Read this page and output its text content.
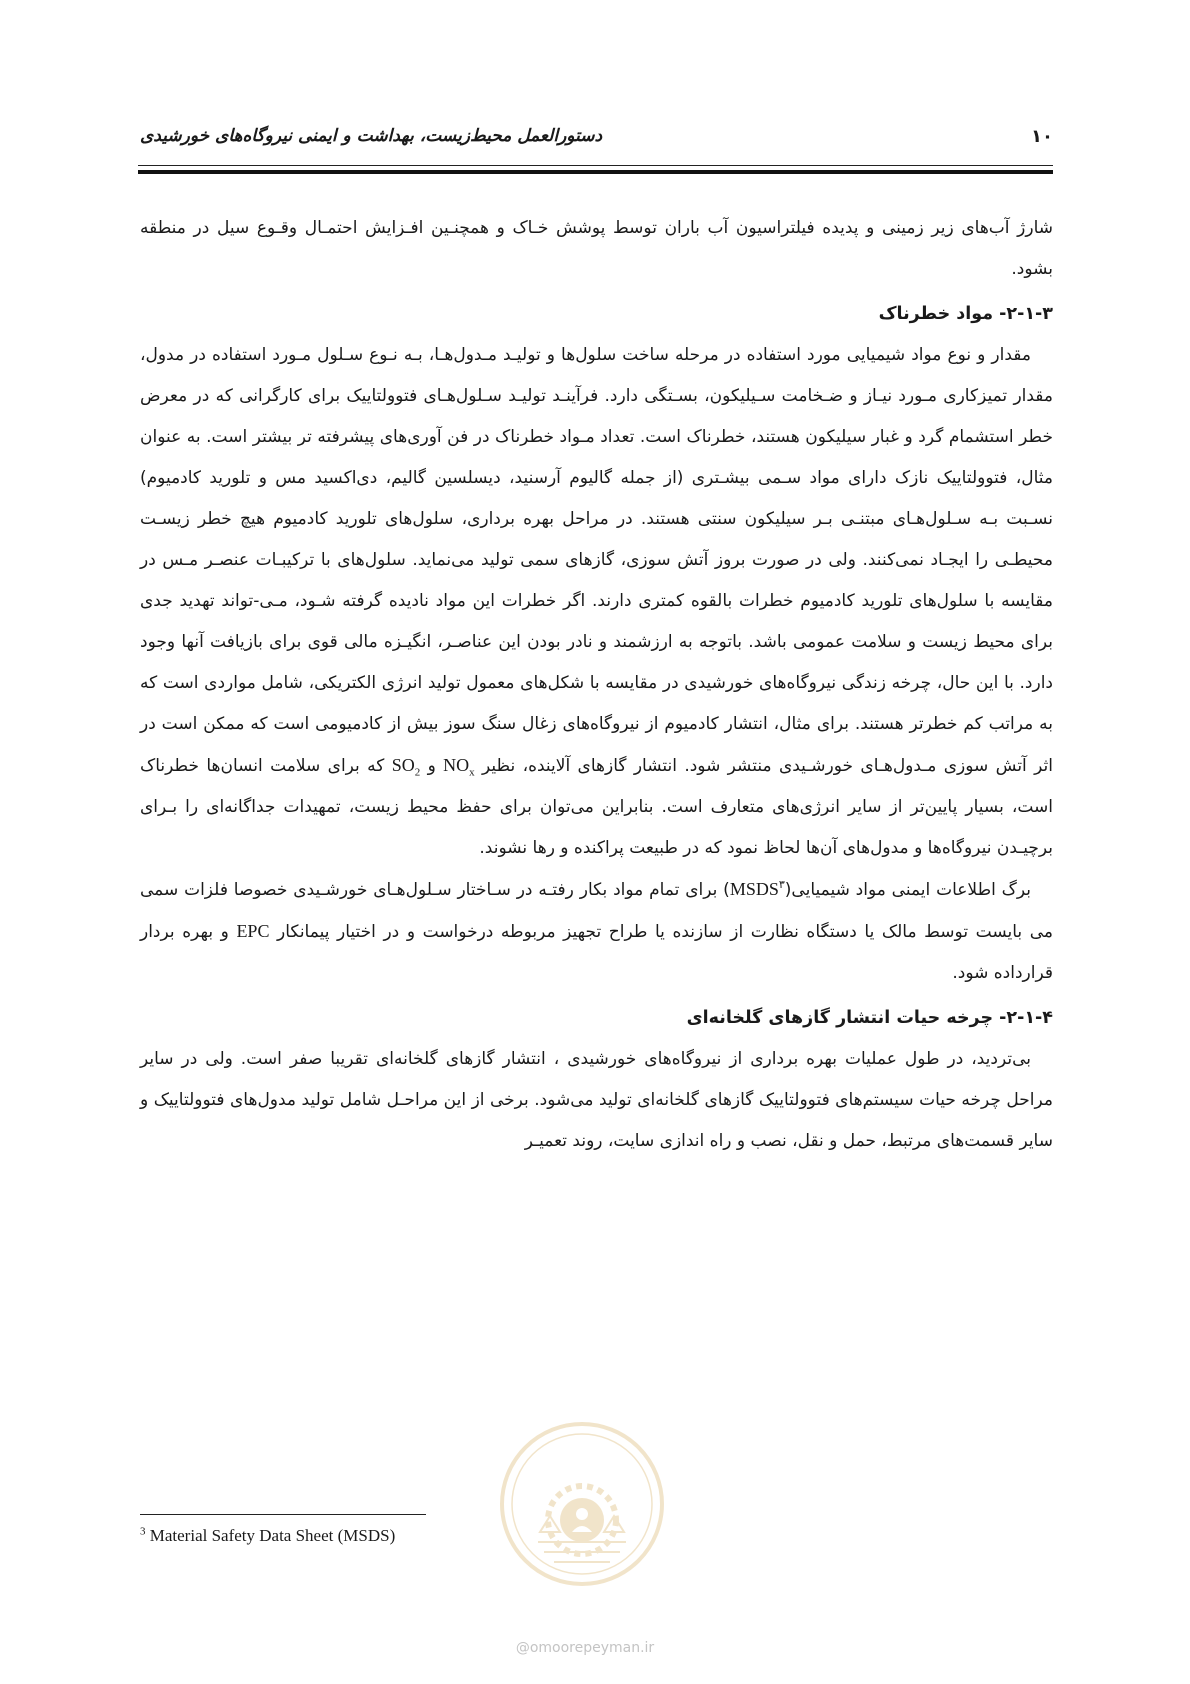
۱۰
دستورالعمل محیط‌زیست، بهداشت و ایمنی نیروگاه‌های خورشیدی

شارژ آب‌های زیر زمینی و پدیده فیلتراسیون آب باران توسط پوشش خـاک و همچنـین افـزایش احتمـال وقـوع سیل در منطقه بشود.

۲-۱-۳- مواد خطرناک

مقدار و نوع مواد شیمیایی مورد استفاده در مرحله ساخت سلول‌ها و تولیـد مـدول‌هـا، بـه نـوع سـلول مـورد استفاده در مدول، مقدار تمیزکاری مـورد نیـاز و ضـخامت سـیلیکون، بسـتگی دارد. فرآینـد تولیـد سـلول‌هـای فتوولتاییک برای کارگرانی که در معرض خطر استشمام گرد و غبار سیلیکون هستند، خطرناک است. تعداد مـواد خطرناک در فن آوری‌های پیشرفته تر بیشتر است. به عنوان مثال، فتوولتاییک نازک دارای مواد سـمی بیشـتری (از جمله گالیوم آرسنید، دیسلسین گالیم، دی‌اکسید مس و تلورید کادمیوم) نسـبت بـه سـلول‌هـای مبتنـی بـر سیلیکون سنتی هستند. در مراحل بهره برداری، سلول‌های تلورید کادمیوم هیچ خطر زیسـت محیطـی را ایجـاد نمی‌کنند. ولی در صورت بروز آتش سوزی، گازهای سمی تولید می‌نماید. سلول‌های با ترکیبـات عنصـر مـس در مقایسه با سلول‌های تلورید کادمیوم خطرات بالقوه کمتری دارند. اگر خطرات این مواد نادیده گرفته شـود، مـی-تواند تهدید جدی برای محیط زیست و سلامت عمومی باشد. باتوجه به ارزشمند و نادر بودن این عناصـر، انگیـزه مالی قوی برای بازیافت آنها وجود دارد. با این حال، چرخه زندگی نیروگاه‌های خورشیدی در مقایسه با شکل‌های معمول تولید انرژی الکتریکی، شامل مواردی است که به مراتب کم خطرتر هستند. برای مثال، انتشار کادمیوم از نیروگاه‌های زغال سنگ سوز بیش از کادمیومی است که ممکن است در اثر آتش سوزی مـدول‌هـای خورشـیدی منتشر شود. انتشار گازهای آلاینده، نظیر $NO_x$ و $SO_2$ که برای سلامت انسان‌ها خطرناک است، بسیار پایین‌تر از سایر انرژی‌های متعارف است. بنابراین می‌توان برای حفظ محیط زیست، تمهیدات جداگانه‌ای را بـرای برچیـدن نیروگاه‌ها و مدول‌های آن‌ها لحاظ نمود که در طبیعت پراکنده و رها نشوند.

برگ اطلاعات ایمنی مواد شیمیایی(MSDS$^۳$) برای تمام مواد بکار رفتـه در سـاختار سـلول‌هـای خورشـیدی خصوصا فلزات سمی می بایست توسط مالک یا دستگاه نظارت از سازنده یا طراح تجهیز مربوطه درخواست و در اختیار پیمانکار EPC و بهره بردار قرارداده شود.

۲-۱-۴- چرخه حیات انتشار گازهای گلخانه‌ای

بی‌تردید، در طول عملیات بهره برداری از نیروگاه‌های خورشیدی ، انتشار گازهای گلخانه‌ای تقریبا صفر است. ولی در سایر مراحل چرخه حیات سیستم‌های فتوولتاییک گازهای گلخانه‌ای تولید می‌شود. برخی از این مراحـل شامل تولید مدول‌های فتوولتاییک و سایر قسمت‌های مرتبط، حمل و نقل، نصب و راه اندازی سایت، روند تعمیـر

$^3$ Material Safety Data Sheet (MSDS)
@omoorepeyman.ir
